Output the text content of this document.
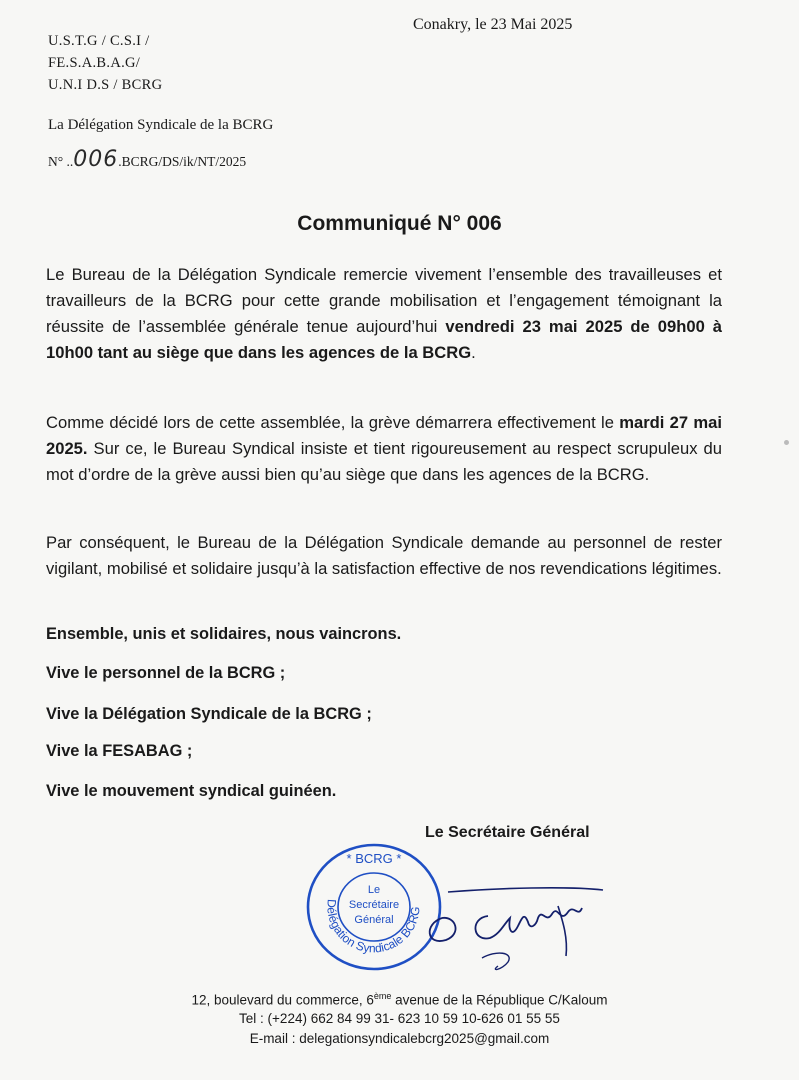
Conakry, le 23 Mai 2025
U.S.T.G / C.S.I /
FE.S.A.B.A.G/
U.N.I D.S / BCRG
La Délégation Syndicale de la BCRG
N° ..006.BCRG/DS/ik/NT/2025
Communiqué N° 006
Le Bureau de la Délégation Syndicale remercie vivement l’ensemble des travailleuses et travailleurs de la BCRG pour cette grande mobilisation et l’engagement témoignant la réussite de l’assemblée générale tenue aujourd’hui vendredi 23 mai 2025 de 09h00 à 10h00 tant au siège que dans les agences de la BCRG.
Comme décidé lors de cette assemblée, la grève démarrera effectivement le mardi 27 mai 2025. Sur ce, le Bureau Syndical insiste et tient rigoureusement au respect scrupuleux du mot d’ordre de la grève aussi bien qu’au siège que dans les agences de la BCRG.
Par conséquent, le Bureau de la Délégation Syndicale demande au personnel de rester vigilant, mobilisé et solidaire jusqu’à la satisfaction effective de nos revendications légitimes.
Ensemble, unis et solidaires, nous vaincrons.
Vive le personnel de la BCRG ;
Vive la Délégation Syndicale de la BCRG ;
Vive la FESABAG ;
Vive le mouvement syndical guinéen.
Le Secrétaire Général
* BCRG *
Délégation Syndicale BCRG
Le
Secrétaire
Général
12, boulevard du commerce, 6ème avenue de la République C/Kaloum
Tel : (+224) 662 84 99 31- 623 10 59 10-626 01 55 55
E-mail : delegationsyndicalebcrg2025@gmail.com
